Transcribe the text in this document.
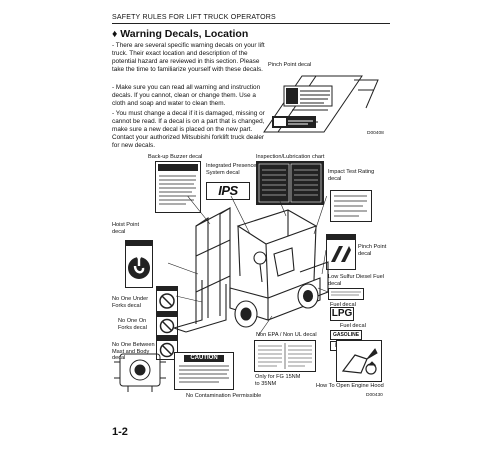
SAFETY RULES FOR LIFT TRUCK OPERATORS
♦ Warning Decals, Location
- There are several specific warning decals on your lift truck. Their exact location and description of the potential hazard are reviewed in this section. Please take the time to familiarize yourself with these decals.
- Make sure you can read all warning and instruction decals. If you cannot, clean or change them. Use a cloth and soap and water to clean them.
- You must change a decal if it is damaged, missing or cannot be read. If a decal is on a part that is changed, make sure a new decal is placed on the new part. Contact your authorized Mitsubishi forklift truck dealer for new decals.
Pinch Point decal
D00408
Back-up Buzzer decal
Integrated Presence System decal
Inspection/Lubrication chart
Impact Test Rating decal
Hoist Point decal
Pinch Point decal
Low Sulfur Diesel Fuel decal
Fuel decal
Fuel decal
No One Under Forks decal
No One On Forks decal
No One Between Mast and Body decal
Non EPA / Non UL decal
Only for FG 15NM to 35NM	How To Open Engine Hood
No Contamination Permissible	D00430
IPS
LPG
GASOLINE
CAUTION
1-2
